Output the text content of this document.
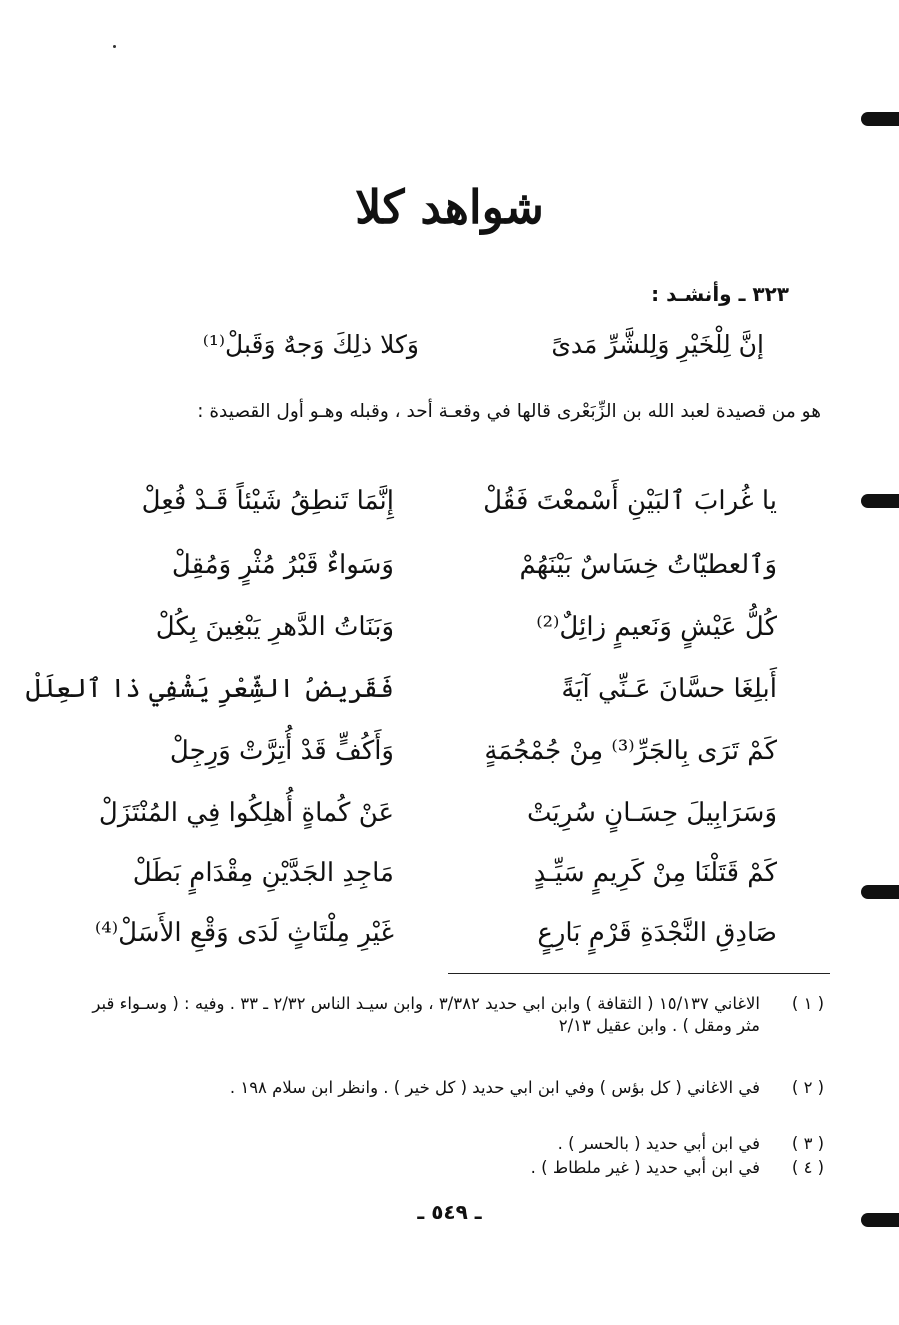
شواهد كلا
٣٢٣ ـ وأنشـد :
إنَّ لِلْخَيْرِ وَلِلشَّرِّ مَدىً
وَكلا ذلِكَ وَجهٌ وَقَبلْ⁽¹⁾
هو من قصيدة لعبد الله بن الزِّبَعْرى قالها في وقعـة أحد ، وقبله وهـو أول القصيدة :
يا غُرابَ ٱلبَيْنِ أَسْمعْتَ فَقُلْ
إِنَّمَا تَنطِقُ شَيْئاً قَـدْ فُعِلْ
وَٱلعطيّاتُ خِسَاسٌ بَيْنَهُمْ
وَسَواءٌ قَبْرُ مُثْرٍ وَمُقِلْ
كُلُّ عَيْشٍ وَنَعيمٍ زائِلٌ⁽²⁾
وَبَنَاتُ الدَّهرِ يَبْغِينَ بِكُلْ
أَبلِغَا حسَّانَ عَـنِّي آيَةً
فَقَريضُ الشِّعْرِ يَشْفِي ذا ٱلعِلَلْ
كَمْ تَرَى بِالجَرِّ⁽³⁾ مِنْ جُمْجُمَةٍ
وَأَكُفٍّ قَدْ أُتِرَّتْ وَرِجِلْ
وَسَرَابِيلَ حِسَـانٍ سُرِيَتْ
عَنْ كُماةٍ أُهلِكُوا فِي المُنْتَزَلْ
كَمْ قَتَلْنَا مِنْ كَرِيمٍ سَيِّـدٍ
مَاجِدِ الجَدَّيْنِ مِقْدَامٍ بَطَلْ
صَادِقِ النَّجْدَةِ قَرْمٍ بَارِعٍ
غَيْرِ مِلْتَاثٍ لَدَى وَقْعِ الأَسَلْ⁽⁴⁾
( ١ )
الاغاني ١٥/١٣٧ ( الثقافة ) وابن ابي حديد ٣/٣٨٢ ، وابن سيـد الناس ٢/٣٢ ـ ٣٣ . وفيه : ( وسـواء قبر مثر ومقل ) . وابن عقيل ٢/١٣
( ٢ )
في الاغاني ( كل بؤس ) وفي ابن ابي حديد ( كل خير ) . وانظر ابن سلام ١٩٨ .
( ٣ )
في ابن أبي حديد ( بالحسر ) .
( ٤ )
في ابن أبي حديد ( غير ملطاط ) .
ـ ٥٤٩ ـ
